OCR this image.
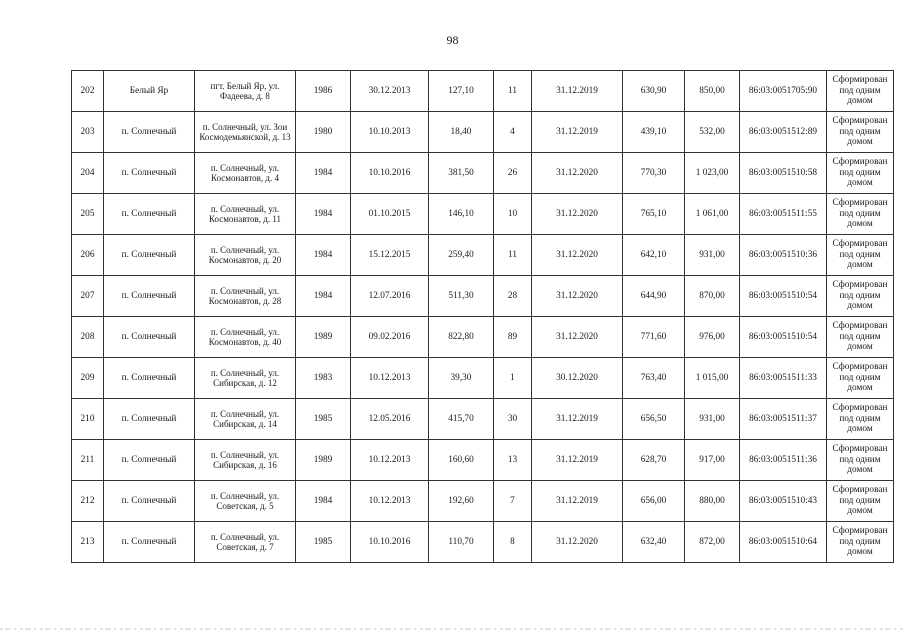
98
202	Белый Яр	пгт. Белый Яр, ул. Фадеева, д. 8	1986	30.12.2013	127,10	11	31.12.2019	630,90	850,00	86:03:0051705:90	Сформирован под одним домом
203	п. Солнечный	п. Солнечный, ул. Зои Космодемьянской, д. 13	1980	10.10.2013	18,40	4	31.12.2019	439,10	532,00	86:03:0051512:89	Сформирован под одним домом
204	п. Солнечный	п. Солнечный, ул. Космонавтов, д. 4	1984	10.10.2016	381,50	26	31.12.2020	770,30	1 023,00	86:03:0051510:58	Сформирован под одним домом
205	п. Солнечный	п. Солнечный, ул. Космонавтов, д. 11	1984	01.10.2015	146,10	10	31.12.2020	765,10	1 061,00	86:03:0051511:55	Сформирован под одним домом
206	п. Солнечный	п. Солнечный, ул. Космонавтов, д. 20	1984	15.12.2015	259,40	11	31.12.2020	642,10	931,00	86:03:0051510:36	Сформирован под одним домом
207	п. Солнечный	п. Солнечный, ул. Космонавтов, д. 28	1984	12.07.2016	511,30	28	31.12.2020	644,90	870,00	86:03:0051510:54	Сформирован под одним домом
208	п. Солнечный	п. Солнечный, ул. Космонавтов, д. 40	1989	09.02.2016	822,80	89	31.12.2020	771,60	976,00	86:03:0051510:54	Сформирован под одним домом
209	п. Солнечный	п. Солнечный, ул. Сибирская, д. 12	1983	10.12.2013	39,30	1	30.12.2020	763,40	1 015,00	86:03:0051511:33	Сформирован под одним домом
210	п. Солнечный	п. Солнечный, ул. Сибирская, д. 14	1985	12.05.2016	415,70	30	31.12.2019	656,50	931,00	86:03:0051511:37	Сформирован под одним домом
211	п. Солнечный	п. Солнечный, ул. Сибирская, д. 16	1989	10.12.2013	160,60	13	31.12.2019	628,70	917,00	86:03:0051511:36	Сформирован под одним домом
212	п. Солнечный	п. Солнечный, ул. Советская, д. 5	1984	10.12.2013	192,60	7	31.12.2019	656,00	880,00	86:03:0051510:43	Сформирован под одним домом
213	п. Солнечный	п. Солнечный, ул. Советская, д. 7	1985	10.10.2016	110,70	8	31.12.2020	632,40	872,00	86:03:0051510:64	Сформирован под одним домом
